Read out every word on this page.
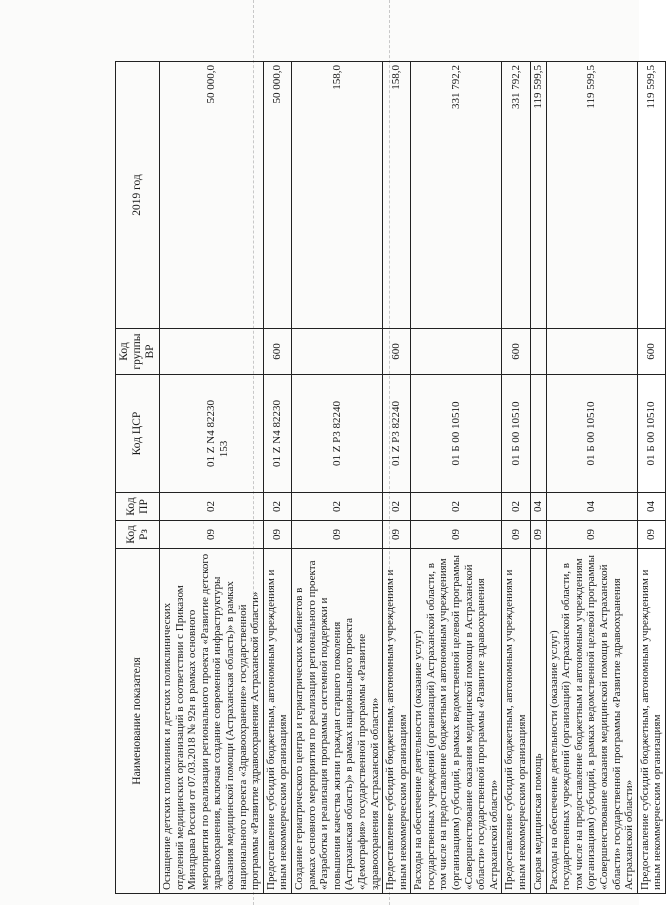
153
Наименование показателя	Код Рз	Код ПР	Код ЦСР	Код группы ВР	2019 год
Оснащение детских поликлиник и детских поликлинических отделений медицинских организаций в соответствии с Приказом Минздрава России от 07.03.2018 № 92н в рамках основного мероприятия по реализации регионального проекта «Развитие детского здравоохранения, включая создание современной инфраструктуры оказания медицинской помощи (Астраханская область)» в рамках национального проекта «Здравоохранение» государственной программы «Развитие здравоохранения Астраханской области»	09	02	01 Z N4 82230		50 000,0
Предоставление субсидий бюджетным, автономным учреждениям и иным некоммерческим организациям	09	02	01 Z N4 82230	600	50 000,0
Создание гериатрического центра и гериатрических кабинетов в рамках основного мероприятия по реализации регионального проекта «Разработка и реализация программы системной поддержки и повышения качества жизни граждан старшего поколения (Астраханская область)» в рамках национального проекта «Демография» государственной программы «Развитие здравоохранения Астраханской области»	09	02	01 Z P3 82240		158,0
Предоставление субсидий бюджетным, автономным учреждениям и иным некоммерческим организациям	09	02	01 Z P3 82240	600	158,0
Расходы на обеспечение деятельности (оказание услуг) государственных учреждений (организаций) Астраханской области, в том числе на предоставление бюджетным и автономным учреждениям (организациям) субсидий, в рамках ведомственной целевой программы «Совершенствование оказания медицинской помощи в Астраханской области» государственной программы «Развитие здравоохранения Астраханской области»	09	02	01 Б 00 10510		331 792,2
Предоставление субсидий бюджетным, автономным учреждениям и иным некоммерческим организациям	09	02	01 Б 00 10510	600	331 792,2
Скорая медицинская помощь	09	04			119 599,5
Расходы на обеспечение деятельности (оказание услуг) государственных учреждений (организаций) Астраханской области, в том числе на предоставление бюджетным и автономным учреждениям (организациям) субсидий, в рамках ведомственной целевой программы «Совершенствование оказания медицинской помощи в Астраханской области» государственной программы «Развитие здравоохранения Астраханской области»	09	04	01 Б 00 10510		119 599,5
Предоставление субсидий бюджетным, автономным учреждениям и иным некоммерческим организациям	09	04	01 Б 00 10510	600	119 599,5
